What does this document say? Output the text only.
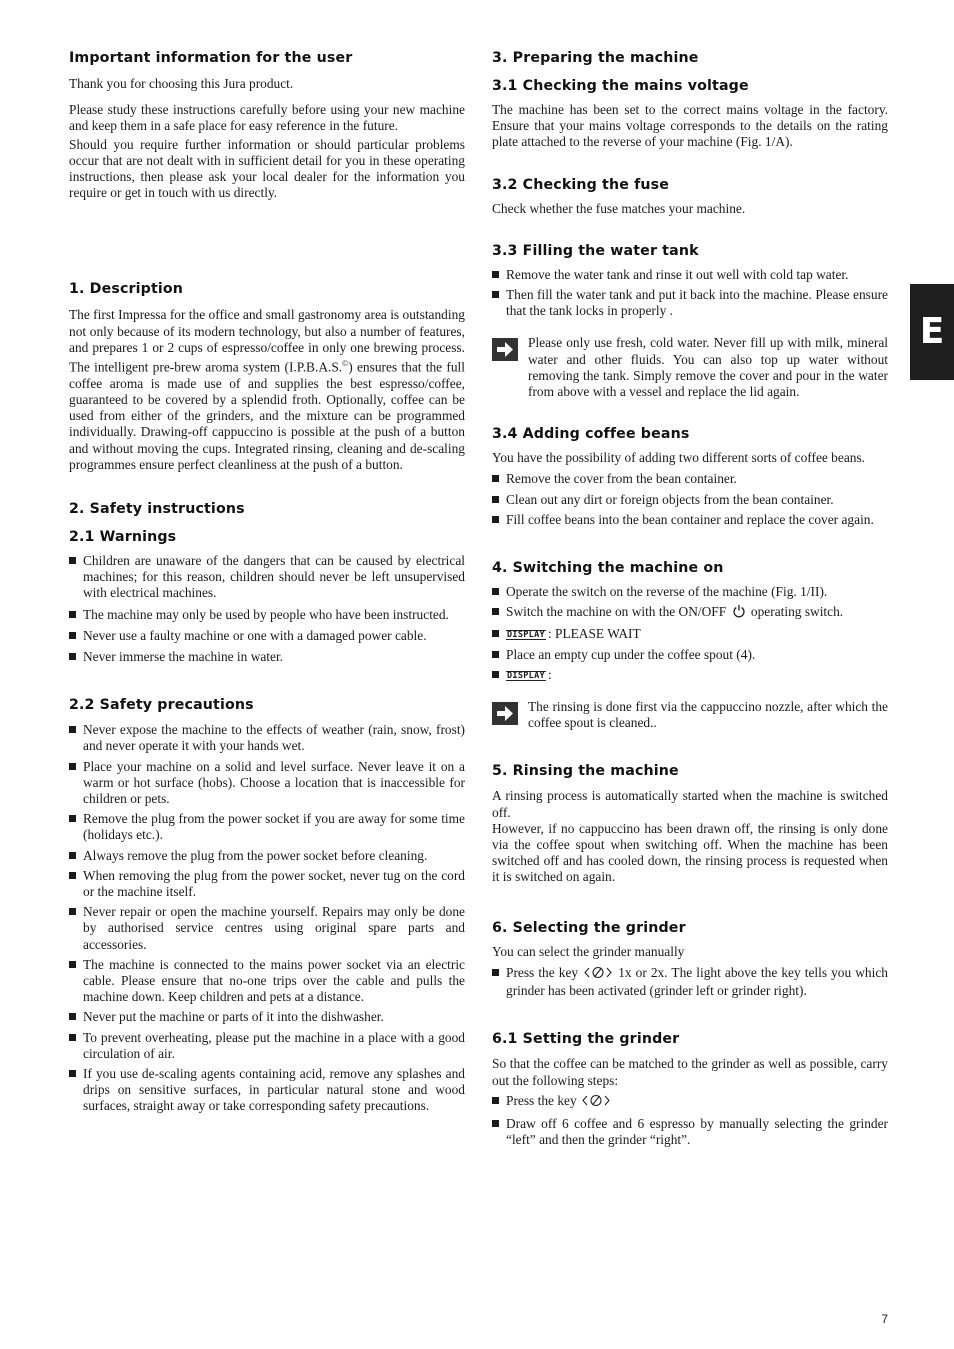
Important information for the user

Thank you for choosing this Jura product.

Please study these instructions carefully before using your new machine and keep them in a safe place for easy reference in the future.

Should you require further information or should particular problems occur that are not dealt with in sufficient detail for you in these operating instructions, then please ask your local dealer for the information you require or get in touch with us directly.

1. Description

The first Impressa for the office and small gastronomy area is outstanding not only because of its modern technology, but also a number of features, and prepares 1 or 2 cups of espresso/coffee in only one brewing process. The intelligent pre-brew aroma system (I.P.B.A.S.©) ensures that the full coffee aroma is made use of and supplies the best espresso/coffee, guaranteed to be covered by a splendid froth. Optionally, coffee can be used from either of the grinders, and the mixture can be programmed individually. Drawing-off cappuccino is possible at the push of a button and without moving the cups. Integrated rinsing, cleaning and de-scaling programmes ensure perfect cleanliness at the push of a button.

2. Safety instructions
2.1 Warnings
Children are unaware of the dangers that can be caused by electrical machines; for this reason, children should never be left unsupervised with electrical machines.
The machine may only be used by people who have been instructed.
Never use a faulty machine or one with a damaged power cable.
Never immerse the machine in water.
2.2 Safety precautions
Never expose the machine to the effects of weather (rain, snow, frost) and never operate it with your hands wet.
Place your machine on a solid and level surface. Never leave it on a warm or hot surface (hobs). Choose a location that is inaccessible for children or pets.
Remove the plug from the power socket if you are away for some time (holidays etc.).
Always remove the plug from the power socket before cleaning.
When removing the plug from the power socket, never tug on the cord or the machine itself.
Never repair or open the machine yourself. Repairs may only be done by authorised service centres using original spare parts and accessories.
The machine is connected to the mains power socket via an electric cable. Please ensure that no-one trips over the cable and pulls the machine down. Keep children and pets at a distance.
Never put the machine or parts of it into the dishwasher.
To prevent overheating, please put the machine in a place with a good circulation of air.
If you use de-scaling agents containing acid, remove any splashes and drips on sensitive surfaces, in particular natural stone and wood surfaces, straight away or take corresponding safety precautions.
3. Preparing the machine
3.1 Checking the mains voltage

The machine has been set to the correct mains voltage in the factory. Ensure that your mains voltage corresponds to the details on the rating plate attached to the reverse of your machine (Fig. 1/A).

3.2 Checking the fuse

Check whether the fuse matches your machine.

3.3 Filling the water tank
Remove the water tank and rinse it out well with cold tap water.
Then fill the water tank and put it back into the machine. Please ensure that the tank locks in properly .

Please only use fresh, cold water. Never fill up with milk, mineral water and other fluids. You can also top up water without removing the tank. Simply remove the cover and pour in the water from above with a vessel and replace the lid again.

3.4 Adding coffee beans

You have the possibility of adding two different sorts of coffee beans.

Remove the cover from the bean container.
Clean out any dirt or foreign objects from the bean container.
Fill coffee beans into the bean container and replace the cover again.
4. Switching the machine on
Operate the switch on the reverse of the machine (Fig. 1/II).
Switch the machine on with the ON/OFF operating switch.
DISPLAY : PLEASE WAIT
Place an empty cup under the coffee spout (4).
DISPLAY :

The rinsing is done first via the cappuccino nozzle, after which the coffee spout is cleaned..

5. Rinsing the machine

A rinsing process is automatically started when the machine is switched off.

However, if no cappuccino has been drawn off, the rinsing is only done via the coffee spout when switching off. When the machine has been switched off and has cooled down, the rinsing process is requested when it is switched on again.

6. Selecting the grinder

You can select the grinder manually

Press the key	1x or 2x. The light above the key tells you which grinder has been activated (grinder left or grinder right).
6.1 Setting the grinder

So that the coffee can be matched to the grinder as well as possible, carry out the following steps:

Press the key
Draw off 6 coffee and 6 espresso by manually selecting the grinder “left” and then the grinder “right”.
E
7
